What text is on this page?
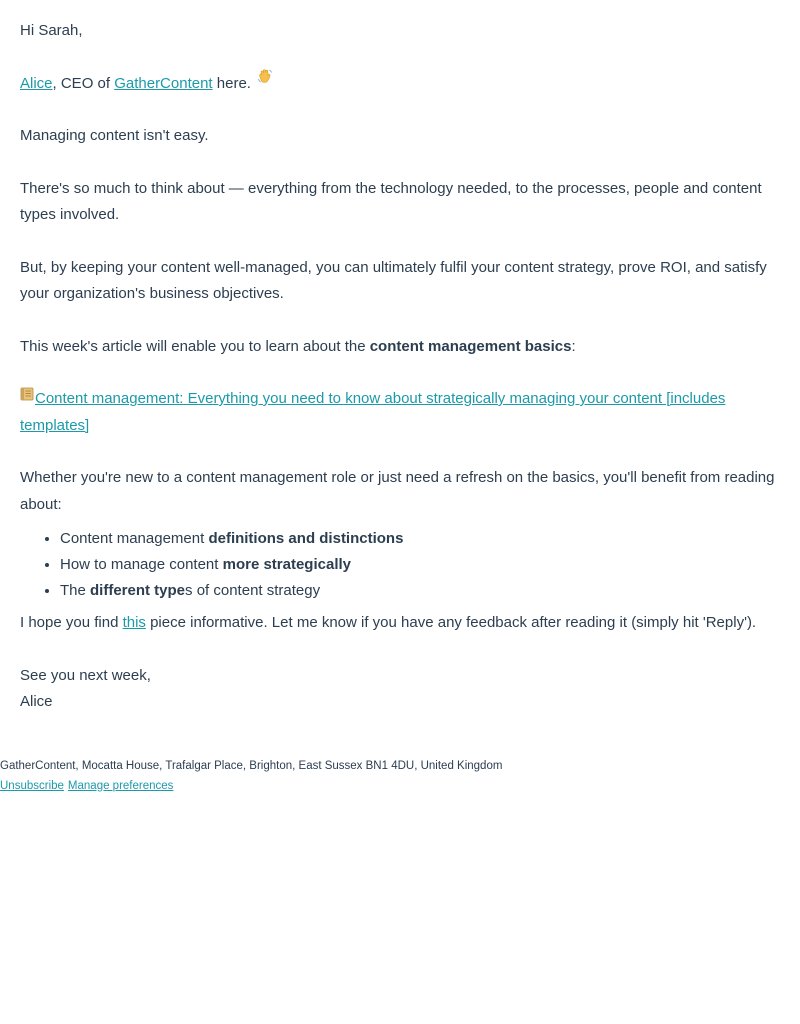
Hi Sarah,

Alice, CEO of GatherContent here.

Managing content isn't easy.

There's so much to think about — everything from the technology needed, to the processes, people and content types involved.

But, by keeping your content well-managed, you can ultimately fulfil your content strategy, prove ROI, and satisfy your organization's business objectives.

This week's article will enable you to learn about the content management basics:

Content management: Everything you need to know about strategically managing your content [includes templates]

Whether you're new to a content management role or just need a refresh on the basics, you'll benefit from reading about:

• Content management definitions and distinctions
• How to manage content more strategically
• The different types of content strategy

I hope you find this piece informative. Let me know if you have any feedback after reading it (simply hit 'Reply').

See you next week,
Alice

GatherContent, Mocatta House, Trafalgar Place, Brighton, East Sussex BN1 4DU, United Kingdom
Unsubscribe Manage preferences
